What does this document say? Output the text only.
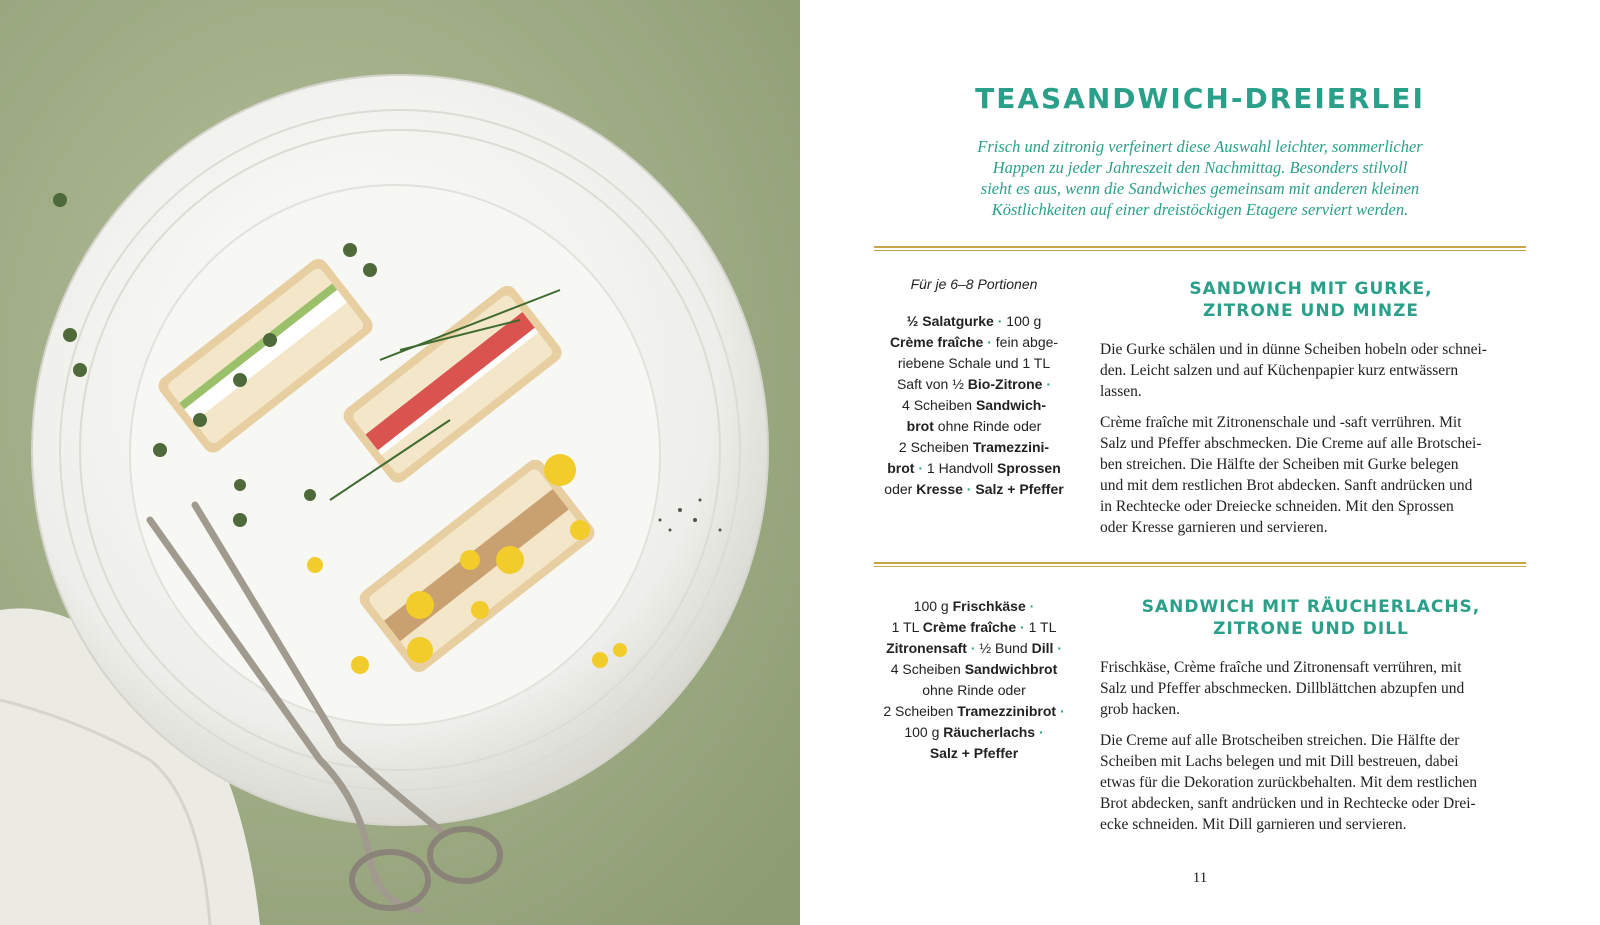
TEASANDWICH-DREIERLEI
Frisch und zitronig verfeinert diese Auswahl leichter, sommerlicher
Happen zu jeder Jahreszeit den Nachmittag. Besonders stilvoll
sieht es aus, wenn die Sandwiches gemeinsam mit anderen kleinen
Köstlichkeiten auf einer dreistöckigen Etagere serviert werden.
Für je 6–8 Portionen
½ Salatgurke · 100 g
Crème fraîche · fein abge-
riebene Schale und 1 TL
Saft von ½ Bio-Zitrone ·
4 Scheiben Sandwich-
brot ohne Rinde oder
2 Scheiben Tramezzini-
brot · 1 Handvoll Sprossen
oder Kresse · Salz + Pfeffer
SANDWICH MIT GURKE,
ZITRONE UND MINZE

Die Gurke schälen und in dünne Scheiben hobeln oder schnei-
den. Leicht salzen und auf Küchenpapier kurz entwässern
lassen.

Crème fraîche mit Zitronenschale und -saft verrühren. Mit
Salz und Pfeffer abschmecken. Die Creme auf alle Brotschei-
ben streichen. Die Hälfte der Scheiben mit Gurke belegen
und mit dem restlichen Brot abdecken. Sanft andrücken und
in Rechtecke oder Dreiecke schneiden. Mit den Sprossen
oder Kresse garnieren und servieren.

100 g Frischkäse ·
1 TL Crème fraîche · 1 TL
Zitronensaft · ½ Bund Dill ·
4 Scheiben Sandwichbrot
ohne Rinde oder
2 Scheiben Tramezzinibrot ·
100 g Räucherlachs ·
Salz + Pfeffer
SANDWICH MIT RÄUCHERLACHS,
ZITRONE UND DILL

Frischkäse, Crème fraîche und Zitronensaft verrühren, mit
Salz und Pfeffer abschmecken. Dillblättchen abzupfen und
grob hacken.

Die Creme auf alle Brotscheiben streichen. Die Hälfte der
Scheiben mit Lachs belegen und mit Dill bestreuen, dabei
etwas für die Dekoration zurückbehalten. Mit dem restlichen
Brot abdecken, sanft andrücken und in Rechtecke oder Drei-
ecke schneiden. Mit Dill garnieren und servieren.

11
